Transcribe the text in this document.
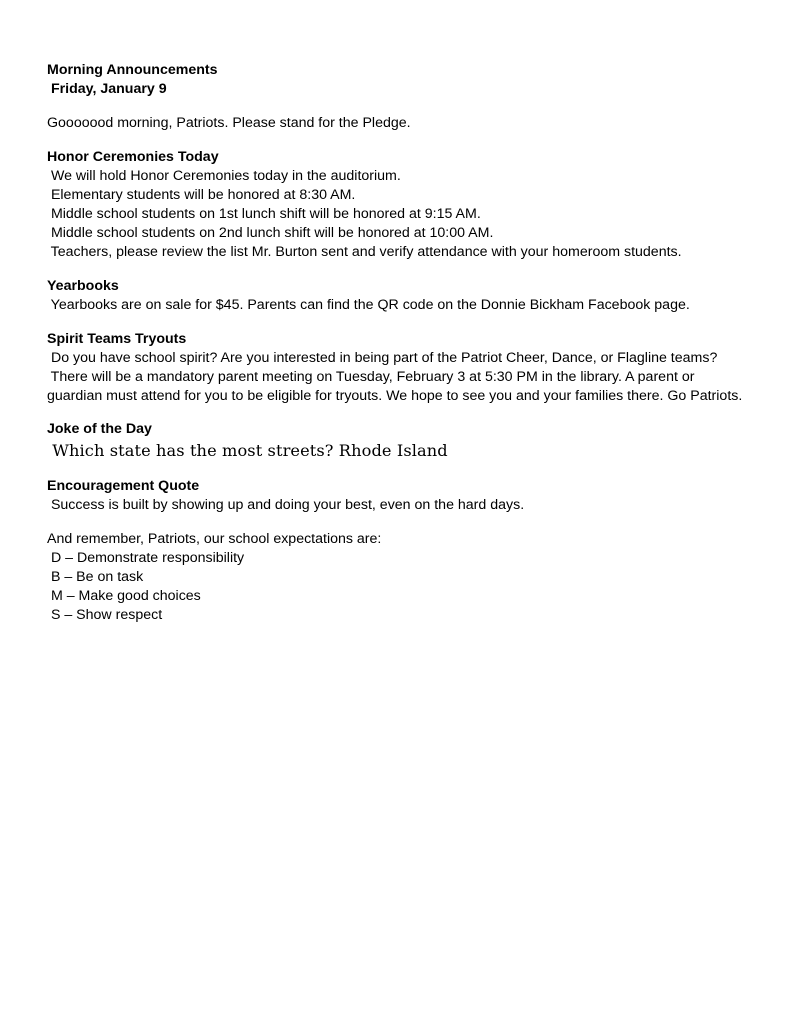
Morning Announcements
Friday, January 9
Gooooood morning, Patriots. Please stand for the Pledge.
Honor Ceremonies Today
We will hold Honor Ceremonies today in the auditorium.
Elementary students will be honored at 8:30 AM.
Middle school students on 1st lunch shift will be honored at 9:15 AM.
Middle school students on 2nd lunch shift will be honored at 10:00 AM.
Teachers, please review the list Mr. Burton sent and verify attendance with your homeroom students.
Yearbooks
Yearbooks are on sale for $45. Parents can find the QR code on the Donnie Bickham Facebook page.
Spirit Teams Tryouts
Do you have school spirit? Are you interested in being part of the Patriot Cheer, Dance, or Flagline teams?
There will be a mandatory parent meeting on Tuesday, February 3 at 5:30 PM in the library. A parent or
guardian must attend for you to be eligible for tryouts. We hope to see you and your families there. Go Patriots.
Joke of the Day
Which state has the most streets? Rhode Island
Encouragement Quote
Success is built by showing up and doing your best, even on the hard days.
And remember, Patriots, our school expectations are:
D – Demonstrate responsibility
B – Be on task
M – Make good choices
S – Show respect
